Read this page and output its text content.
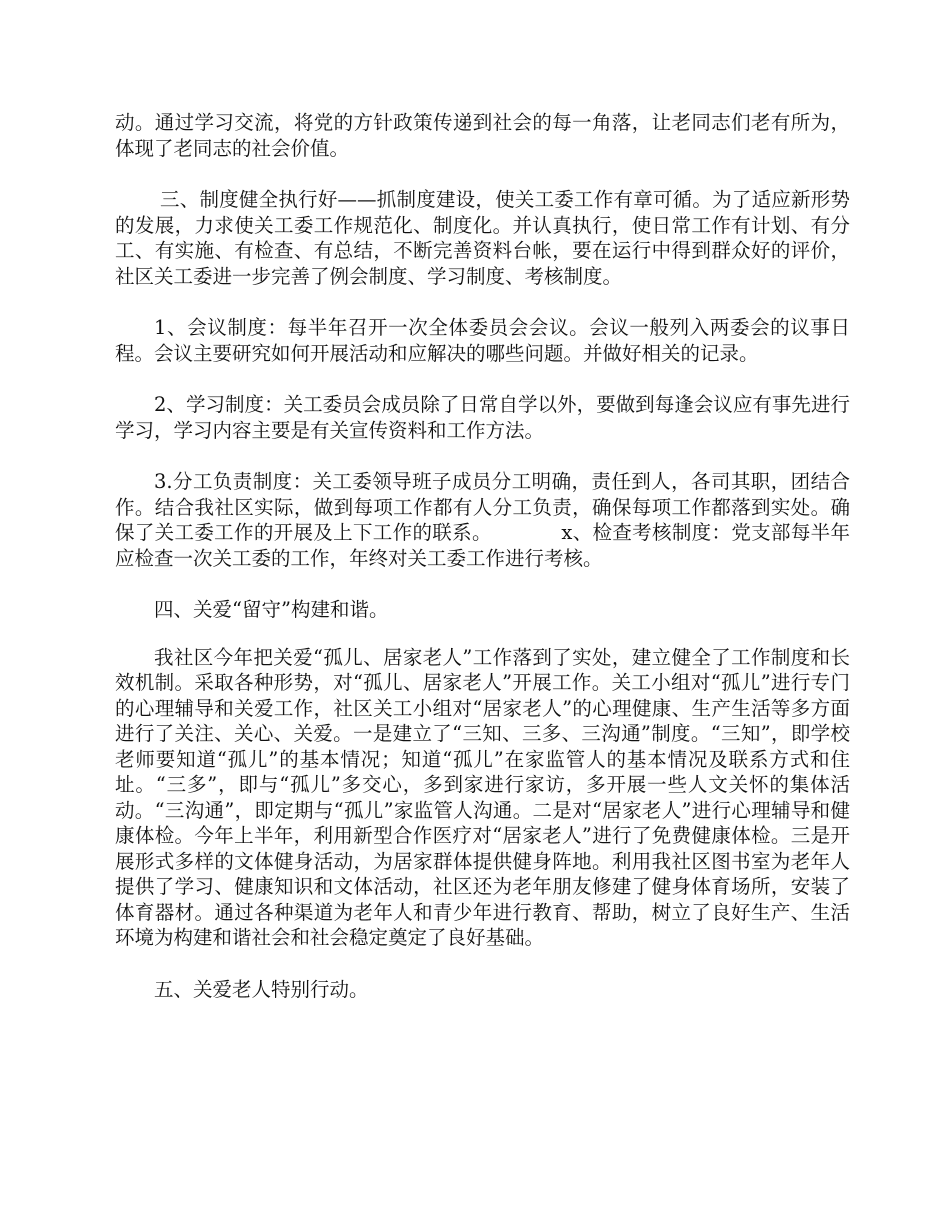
动。通过学习交流，将党的方针政策传递到社会的每一角落，让老同志们老有所为，体现了老同志的社会价值。

三、制度健全执行好——抓制度建设，使关工委工作有章可循。为了适应新形势的发展，力求使关工委工作规范化、制度化。并认真执行，使日常工作有计划、有分工、有实施、有检查、有总结，不断完善资料台帐，要在运行中得到群众好的评价，社区关工委进一步完善了例会制度、学习制度、考核制度。

1、会议制度：每半年召开一次全体委员会会议。会议一般列入两委会的议事日程。会议主要研究如何开展活动和应解决的哪些问题。并做好相关的记录。

2、学习制度：关工委员会成员除了日常自学以外，要做到每逢会议应有事先进行学习，学习内容主要是有关宣传资料和工作方法。

3.分工负责制度：关工委领导班子成员分工明确，责任到人，各司其职，团结合作。结合我社区实际，做到每项工作都有人分工负责，确保每项工作都落到实处。确保了关工委工作的开展及上下工作的联系。　　　　x、检查考核制度：党支部每半年应检查一次关工委的工作，年终对关工委工作进行考核。

四、关爱“留守”构建和谐。

我社区今年把关爱“孤儿、居家老人”工作落到了实处，建立健全了工作制度和长效机制。采取各种形势，对“孤儿、居家老人”开展工作。关工小组对“孤儿”进行专门的心理辅导和关爱工作，社区关工小组对“居家老人”的心理健康、生产生活等多方面进行了关注、关心、关爱。一是建立了“三知、三多、三沟通”制度。“三知”，即学校老师要知道“孤儿”的基本情况；知道“孤儿”在家监管人的基本情况及联系方式和住址。“三多”，即与“孤儿”多交心，多到家进行家访，多开展一些人文关怀的集体活动。“三沟通”，即定期与“孤儿”家监管人沟通。二是对“居家老人”进行心理辅导和健康体检。今年上半年，利用新型合作医疗对“居家老人”进行了免费健康体检。三是开展形式多样的文体健身活动，为居家群体提供健身阵地。利用我社区图书室为老年人提供了学习、健康知识和文体活动，社区还为老年朋友修建了健身体育场所，安装了体育器材。通过各种渠道为老年人和青少年进行教育、帮助，树立了良好生产、生活环境为构建和谐社会和社会稳定奠定了良好基础。

五、关爱老人特别行动。
